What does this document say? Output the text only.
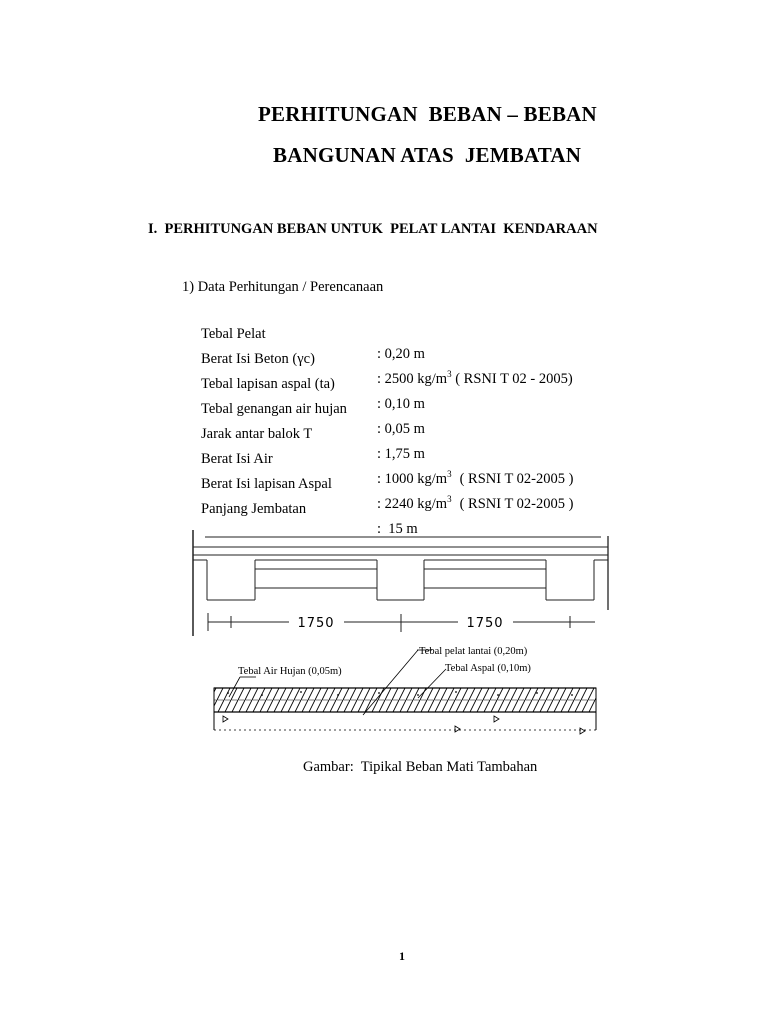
PERHITUNGAN  BEBAN – BEBAN
BANGUNAN ATAS  JEMBATAN
I.  PERHITUNGAN BEBAN UNTUK  PELAT LANTAI  KENDARAAN
1) Data Perhitungan / Perencanaan

Tebal Pelat

: 0,20 m

Berat Isi Beton (γc)

: 2500 $kg/m^3$ ( RSNI T 02 - 2005)

Tebal lapisan aspal (ta)

: 0,10 m

Tebal genangan air hujan

: 0,05 m

Jarak antar balok T

: 1,75 m

Berat Isi Air

: 1000 $kg/m^3$ ( RSNI T 02-2005 )

Berat Isi lapisan Aspal

: 2240 $kg/m^3$ ( RSNI T 02-2005 )

Panjang Jembatan

:  15 m

1750	1750
Tebal pelat lantai (0,20m)
Tebal Air Hujan (0,05m)	Tebal Aspal (0,10m)
Gambar:  Tipikal Beban Mati Tambahan
1
